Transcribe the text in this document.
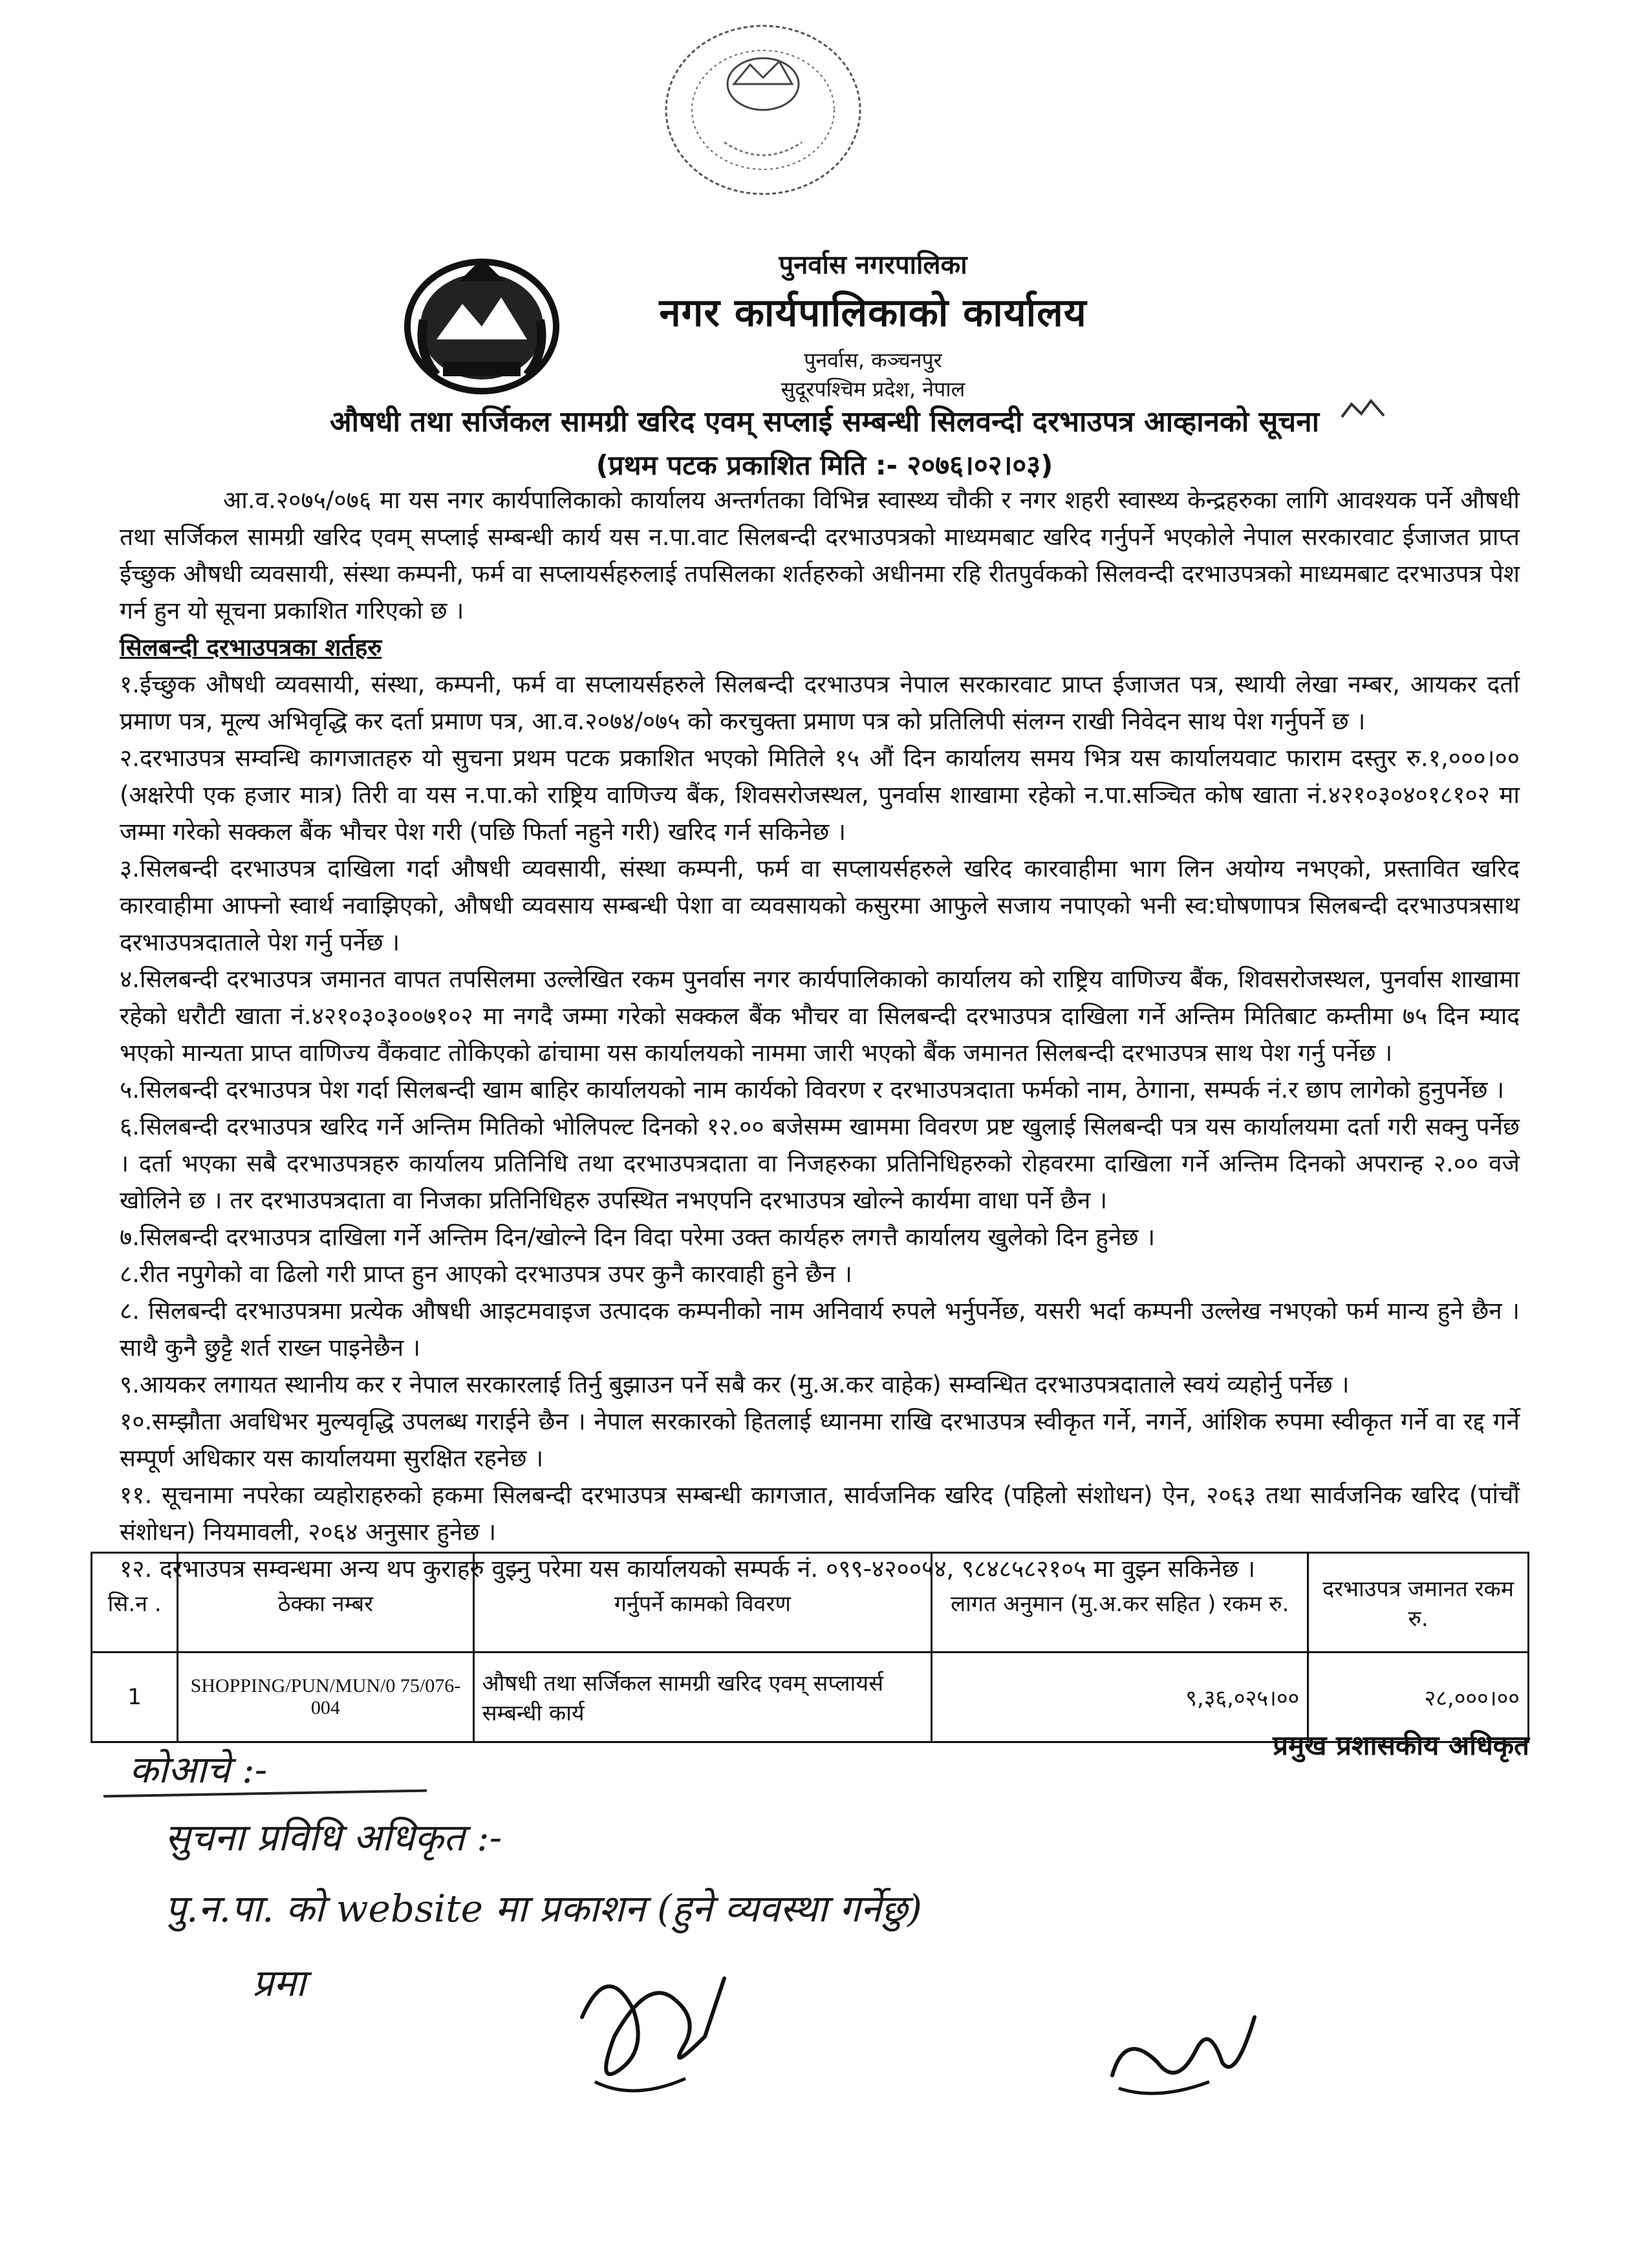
पुनर्वास नगरपालिका
नगर कार्यपालिकाको कार्यालय
पुनर्वास, कञ्चनपुर
सुदूरपश्चिम प्रदेश, नेपाल
औषधी तथा सर्जिकल सामग्री खरिद एवम् सप्लाई सम्बन्धी सिलवन्दी दरभाउपत्र आव्हानको सूचना
(प्रथम पटक प्रकाशित मिति :- २०७६।०२।०३)

आ.व.२०७५/०७६ मा यस नगर कार्यपालिकाको कार्यालय अन्तर्गतका विभिन्न स्वास्थ्य चौकी र नगर शहरी स्वास्थ्य केन्द्रहरुका लागि आवश्यक पर्ने औषधी तथा सर्जिकल सामग्री खरिद एवम् सप्लाई सम्बन्धी कार्य यस न.पा.वाट सिलबन्दी दरभाउपत्रको माध्यमबाट खरिद गर्नुपर्ने भएकोले नेपाल सरकारवाट ईजाजत प्राप्त ईच्छुक औषधी व्यवसायी, संस्था कम्पनी, फर्म वा सप्लायर्सहरुलाई तपसिलका शर्तहरुको अधीनमा रहि रीतपुर्वकको सिलवन्दी दरभाउपत्रको माध्यमबाट दरभाउपत्र पेश गर्न हुन यो सूचना प्रकाशित गरिएको छ ।

सिलबन्दी दरभाउपत्रका शर्तहरु

१.ईच्छुक औषधी व्यवसायी, संस्था, कम्पनी, फर्म वा सप्लायर्सहरुले सिलबन्दी दरभाउपत्र नेपाल सरकारवाट प्राप्त ईजाजत पत्र, स्थायी लेखा नम्बर, आयकर दर्ता प्रमाण पत्र, मूल्य अभिवृद्धि कर दर्ता प्रमाण पत्र, आ.व.२०७४/०७५ को करचुक्ता प्रमाण पत्र को प्रतिलिपी संलग्न राखी निवेदन साथ पेश गर्नुपर्ने छ ।

२.दरभाउपत्र सम्वन्धि कागजातहरु यो सुचना प्रथम पटक प्रकाशित भएको मितिले १५ औं दिन कार्यालय समय भित्र यस कार्यालयवाट फाराम दस्तुर रु.१,०००।०० (अक्षरेपी एक हजार मात्र) तिरी वा यस न.पा.को राष्ट्रिय वाणिज्य बैंक, शिवसरोजस्थल, पुनर्वास शाखामा रहेको न.पा.सञ्चित कोष खाता नं.४२१०३०४०१८१०२ मा जम्मा गरेको सक्कल बैंक भौचर पेश गरी (पछि फिर्ता नहुने गरी) खरिद गर्न सकिनेछ ।

३.सिलबन्दी दरभाउपत्र दाखिला गर्दा औषधी व्यवसायी, संस्था कम्पनी, फर्म वा सप्लायर्सहरुले खरिद कारवाहीमा भाग लिन अयोग्य नभएको, प्रस्तावित खरिद कारवाहीमा आफ्नो स्वार्थ नवाझिएको, औषधी व्यवसाय सम्बन्धी पेशा वा व्यवसायको कसुरमा आफुले सजाय नपाएको भनी स्व:घोषणापत्र सिलबन्दी दरभाउपत्रसाथ दरभाउपत्रदाताले पेश गर्नु पर्नेछ ।

४.सिलबन्दी दरभाउपत्र जमानत वापत तपसिलमा उल्लेखित रकम पुनर्वास नगर कार्यपालिकाको कार्यालय को राष्ट्रिय वाणिज्य बैंक, शिवसरोजस्थल, पुनर्वास शाखामा रहेको धरौटी खाता नं.४२१०३०३००७१०२ मा नगदै जम्मा गरेको सक्कल बैंक भौचर वा सिलबन्दी दरभाउपत्र दाखिला गर्ने अन्तिम मितिबाट कम्तीमा ७५ दिन म्याद भएको मान्यता प्राप्त वाणिज्य वैंकवाट तोकिएको ढांचामा यस कार्यालयको नाममा जारी भएको बैंक जमानत सिलबन्दी दरभाउपत्र साथ पेश गर्नु पर्नेछ ।

५.सिलबन्दी दरभाउपत्र पेश गर्दा सिलबन्दी खाम बाहिर कार्यालयको नाम कार्यको विवरण र दरभाउपत्रदाता फर्मको नाम, ठेगाना, सम्पर्क नं.र छाप लागेको हुनुपर्नेछ ।

६.सिलबन्दी दरभाउपत्र खरिद गर्ने अन्तिम मितिको भोलिपल्ट दिनको १२.०० बजेसम्म खाममा विवरण प्रष्ट खुलाई सिलबन्दी पत्र यस कार्यालयमा दर्ता गरी सक्नु पर्नेछ । दर्ता भएका सबै दरभाउपत्रहरु कार्यालय प्रतिनिधि तथा दरभाउपत्रदाता वा निजहरुका प्रतिनिधिहरुको रोहवरमा दाखिला गर्ने अन्तिम दिनको अपरान्ह २.०० वजे खोलिने छ । तर दरभाउपत्रदाता वा निजका प्रतिनिधिहरु उपस्थित नभएपनि दरभाउपत्र खोल्ने कार्यमा वाधा पर्ने छैन ।

७.सिलबन्दी दरभाउपत्र दाखिला गर्ने अन्तिम दिन/खोल्ने दिन विदा परेमा उक्त कार्यहरु लगत्तै कार्यालय खुलेको दिन हुनेछ ।

८.रीत नपुगेको वा ढिलो गरी प्राप्त हुन आएको दरभाउपत्र उपर कुनै कारवाही हुने छैन ।

८. सिलबन्दी दरभाउपत्रमा प्रत्येक औषधी आइटमवाइज उत्पादक कम्पनीको नाम अनिवार्य रुपले भर्नुपर्नेछ, यसरी भर्दा कम्पनी उल्लेख नभएको फर्म मान्य हुने छैन । साथै कुनै छुट्टै शर्त राख्न पाइनेछैन ।

९.आयकर लगायत स्थानीय कर र नेपाल सरकारलाई तिर्नु बुझाउन पर्ने सबै कर (मु.अ.कर वाहेक) सम्वन्धित दरभाउपत्रदाताले स्वयं व्यहोर्नु पर्नेछ ।

१०.सम्झौता अवधिभर मुल्यवृद्धि उपलब्ध गराईने छैन । नेपाल सरकारको हितलाई ध्यानमा राखि दरभाउपत्र स्वीकृत गर्ने, नगर्ने, आंशिक रुपमा स्वीकृत गर्ने वा रद्द गर्ने सम्पूर्ण अधिकार यस कार्यालयमा सुरक्षित रहनेछ ।

११. सूचनामा नपरेका व्यहोराहरुको हकमा सिलबन्दी दरभाउपत्र सम्बन्धी कागजात, सार्वजनिक खरिद (पहिलो संशोधन) ऐन, २०६३ तथा सार्वजनिक खरिद (पांचौं संशोधन) नियमावली, २०६४ अनुसार हुनेछ ।

१२. दरभाउपत्र सम्वन्धमा अन्य थप कुराहरु वुझ्नु परेमा यस कार्यालयको सम्पर्क नं. ०९९-४२००५४, ९८४८५८२१०५ मा वुझ्न सकिनेछ ।

सि.न .	ठेक्का नम्बर	गर्नुपर्ने कामको विवरण	लागत अनुमान (मु.अ.कर सहित ) रकम रु.	दरभाउपत्र जमानत रकम रु.
1	SHOPPING/PUN/MUN/0 75/076-004	औषधी तथा सर्जिकल सामग्री खरिद एवम् सप्लायर्स सम्बन्धी कार्य	९,३६,०२५।००	२८,०००।००
प्रमुख प्रशासकीय अधिकृत
कोआचे :-
सुचना प्रविधि अधिकृत :-
पु.न.पा. को website मा प्रकाशन (हुने व्यवस्था गर्नेछु)
प्रमा
